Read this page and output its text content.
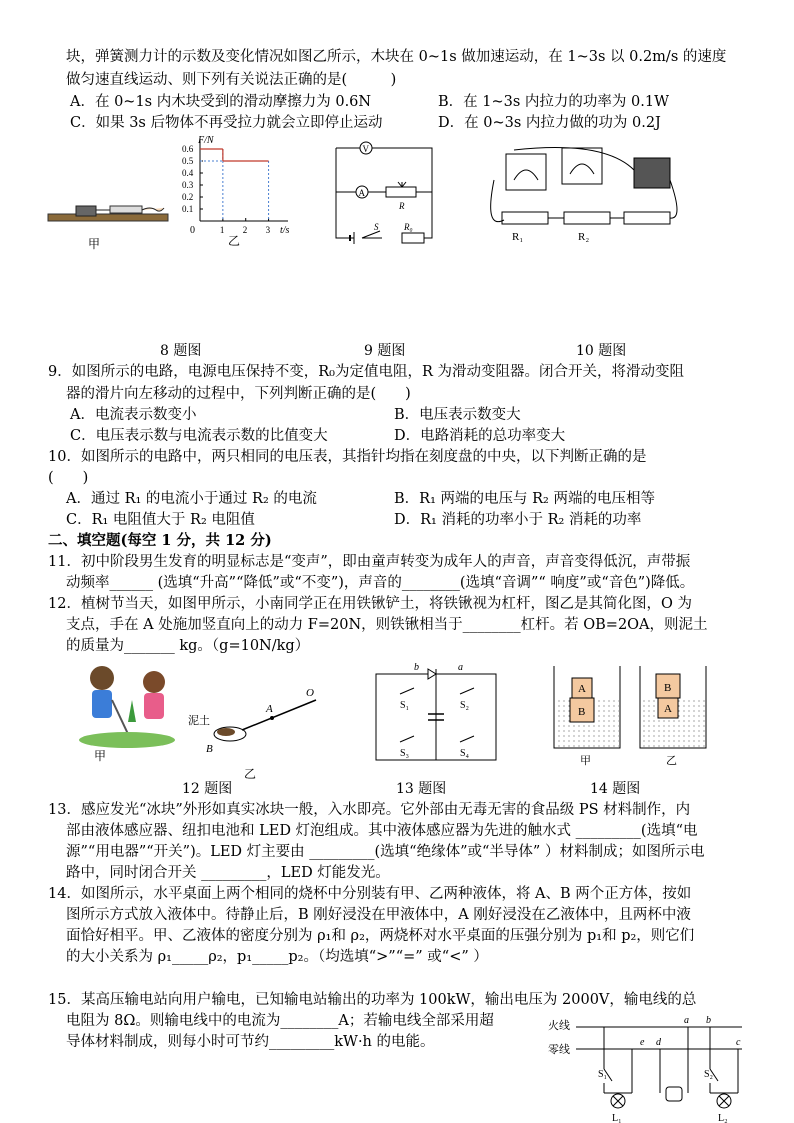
块，弹簧测力计的示数及变化情况如图乙所示，木块在 0~1s 做加速运动，在 1~3s 以 0.2m/s 的速度
做匀速直线运动、则下列有关说法正确的是(　　　)
A．在 0~1s 内木块受到的滑动摩擦力为 0.6N	B．在 1~3s 内拉力的功率为 0.1W
C．如果 3s 后物体不再受拉力就会立即停止运动	D．在 0~3s 内拉力做的功为 0.2J
甲
F/N
t/s
0
乙
0.6
0.5
0.4
0.3
0.2
0.1
1 2 3
V
A
R
R₀
S
R₁	R₂
8 题图	9 题图	10 题图
9．如图所示的电路，电源电压保持不变，R₀为定值电阻，R 为滑动变阻器。闭合开关，将滑动变阻
器的滑片向左移动的过程中，下列判断正确的是(　　)
A．电流表示数变小	B．电压表示数变大
C．电压表示数与电流表示数的比值变大	D．电路消耗的总功率变大
10．如图所示的电路中，两只相同的电压表，其指针均指在刻度盘的中央，以下判断正确的是
(　　)
A．通过 R₁ 的电流小于通过 R₂ 的电流	B．R₁ 两端的电压与 R₂ 两端的电压相等
C．R₁ 电阻值大于 R₂ 电阻值	D．R₁ 消耗的功率小于 R₂ 消耗的功率
二、填空题(每空 1 分，共 12 分)
11．初中阶段男生发育的明显标志是“变声”，即由童声转变为成年人的声音，声音变得低沉，声带振
动频率______ (选填“升高”“降低”或“不变”)，声音的________(选填“音调”“ 响度”或“音色”)降低。
12．植树节当天，如图甲所示，小南同学正在用铁锹铲土，将铁锹视为杠杆，图乙是其简化图，O 为
支点，手在 A 处施加竖直向上的动力 F=20N，则铁锹相当于________杠杆。若 OB=2OA，则泥土
的质量为_______ kg。（g=10N/kg）
甲
泥土
A
B
O
乙
b	a
S₁	S₂
S₃	S₄
A
B
B
A
甲	乙
12 题图	13 题图	14 题图
13．感应发光“冰块”外形如真实冰块一般，入水即亮。它外部由无毒无害的食品级 PS 材料制作，内
部由液体感应器、纽扣电池和 LED 灯泡组成。其中液体感应器为先进的触水式 _________(选填“电
源”“用电器”“开关”)。LED 灯主要由 _________(选填“绝缘体”或“半导体” ）材料制成；如图所示电
路中，同时闭合开关 _________，LED 灯能发光。
14．如图所示，水平桌面上两个相同的烧杯中分别装有甲、乙两种液体，将 A、B 两个正方体，按如
图所示方式放入液体中。待静止后，B 刚好浸没在甲液体中，A 刚好浸没在乙液体中，且两杯中液
面恰好相平。甲、乙液体的密度分别为 ρ₁和 ρ₂，两烧杯对水平桌面的压强分别为 p₁和 p₂，则它们
的大小关系为 ρ₁_____ρ₂，p₁_____p₂。（均选填“>”“=” 或“<” ）
15．某高压输电站向用户输电，已知输电站输出的功率为 100kW，输出电压为 2000V，输电线的总
电阻为 8Ω。则输电线中的电流为________A；若输电线全部采用超
导体材料制成，则每小时可节约_________kW·h 的电能。
火线
零线
a b
c
d
e
S₁	S₂
L₁	L₂
